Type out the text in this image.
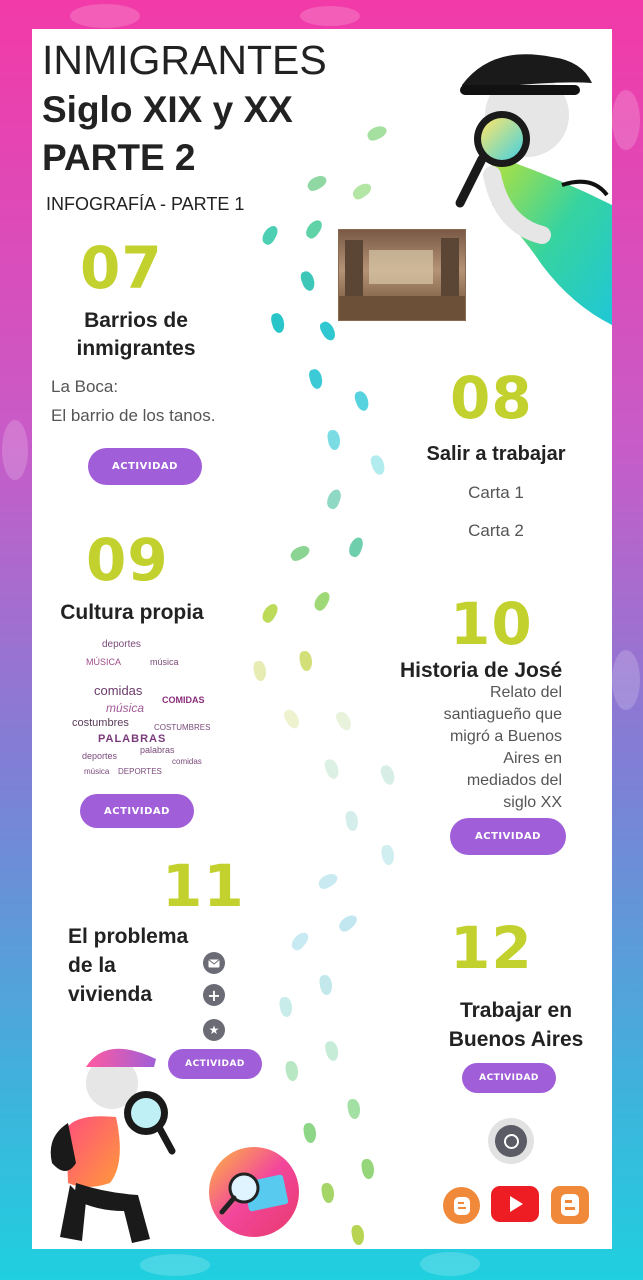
INMIGRANTES
Siglo XIX y XX
PARTE 2
INFOGRAFÍA - PARTE 1
07
Barrios de
inmigrantes
La Boca:
El barrio de los tanos.
ACTIVIDAD
08
Salir a trabajar
Carta 1
Carta 2
09
Cultura propia
deportes
MÚSICA	música
comidas
COMIDAS
música
costumbres
PALABRAS
COSTUMBRES
deportes
palabras
comidas
música DEPORTES
ACTIVIDAD
10
Historia de José
Relato del
santiagueño que
migró a Buenos
Aires en
mediados del
siglo XX
ACTIVIDAD
11
El problema
de la
vivienda	+
★
ACTIVIDAD
12
Trabajar en
Buenos Aires
ACTIVIDAD
